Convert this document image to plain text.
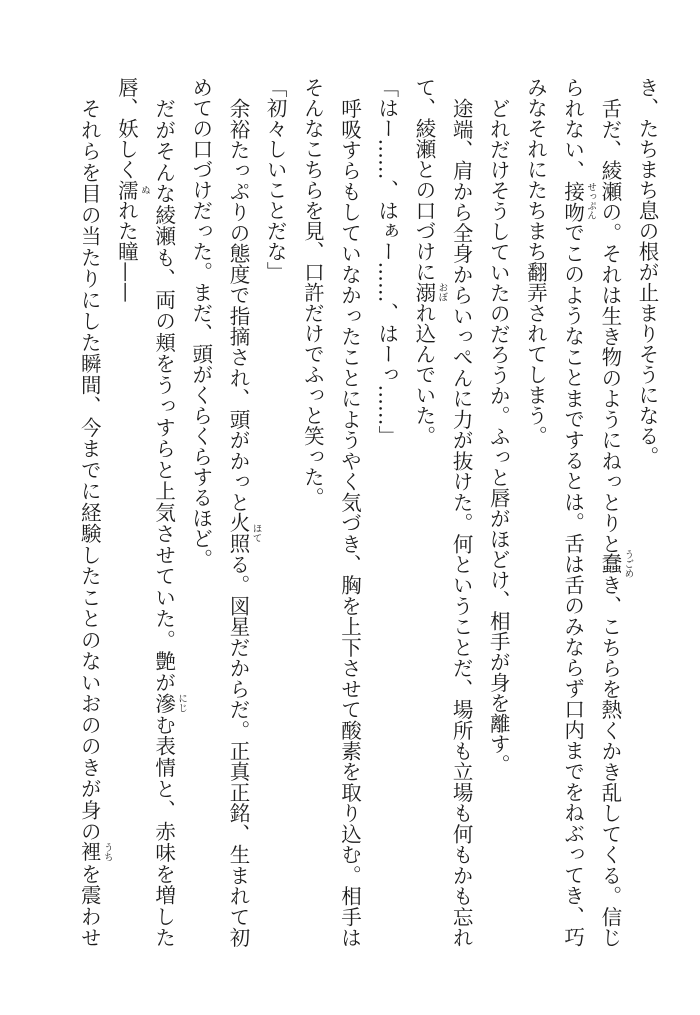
き、たちまち息の根が止まりそうになる。

舌だ、綾瀬の。それは生き物のようにねっとりと蠢 うごめ
き、こちらを熱くかき乱してくる。信じ

られない、接吻 せっぷん
でこのようなことまでするとは。舌は舌のみならず口内までをねぶってき、巧

みなそれにたちまち翻弄されてしまう。

どれだけそうしていたのだろうか。ふっと唇がほどけ、相手が身を離す。

途端、肩から全身からいっぺんに力が抜けた。何ということだ、場所も立場も何もかも忘れ

て、綾瀬との口づけに溺 おぼ
れ込んでいた。

「はー……、はぁー……、はーっ……」

呼吸すらもしていなかったことにようやく気づき、胸を上下させて酸素を取り込む。相手は

そんなこちらを見、口許だけでふっと笑った。

「初々しいことだな」

余裕たっぷりの態度で指摘され、頭がかっと火照 ほて
る。図星だからだ。正真正銘、生まれて初

めての口づけだった。まだ、頭がくらくらするほど。

だがそんな綾瀬も、両の頬をうっすらと上気させていた。艶が滲 にじ
む表情と、赤味を増した

唇、妖しく濡 ぬ
れた瞳——

それらを目の当たりにした瞬間、今までに経験したことのないおののきが身の裡 うち
を震わせ
